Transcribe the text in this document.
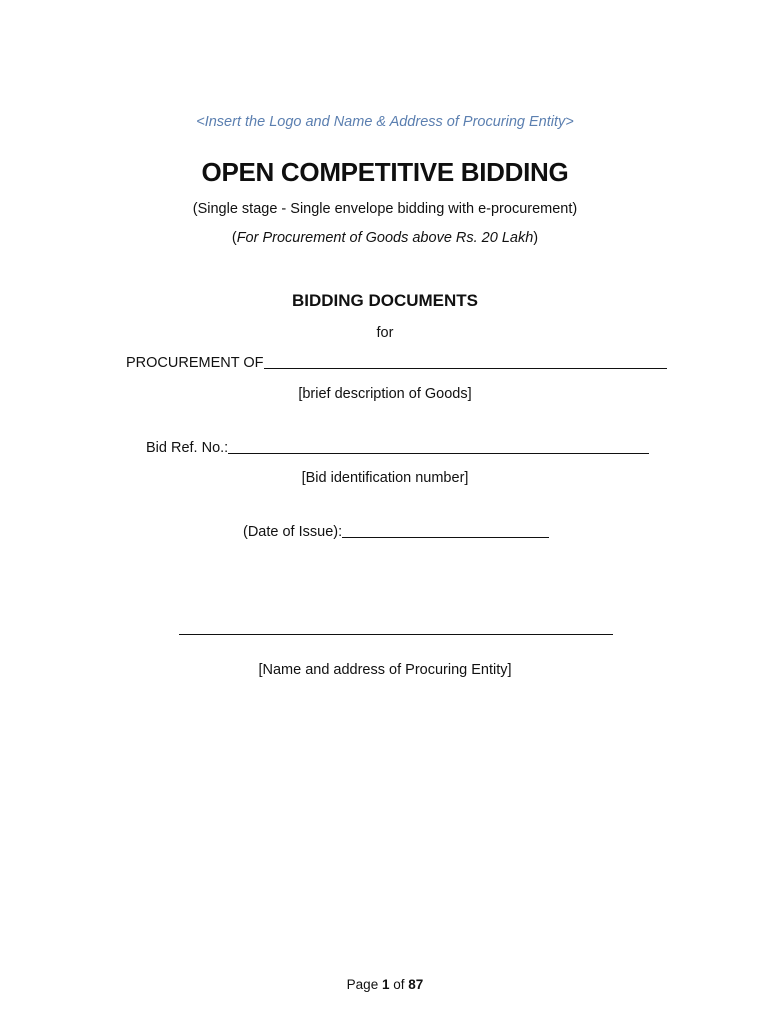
<Insert the Logo and Name & Address of Procuring Entity>
OPEN COMPETITIVE BIDDING
(Single stage - Single envelope bidding with e-procurement)
(For Procurement of Goods above Rs. 20 Lakh)
BIDDING DOCUMENTS
for
PROCUREMENT OF
[brief description of Goods]
Bid Ref. No.:
[Bid identification number]
(Date of Issue):
[Name and address of Procuring Entity]
Page 1 of 87
